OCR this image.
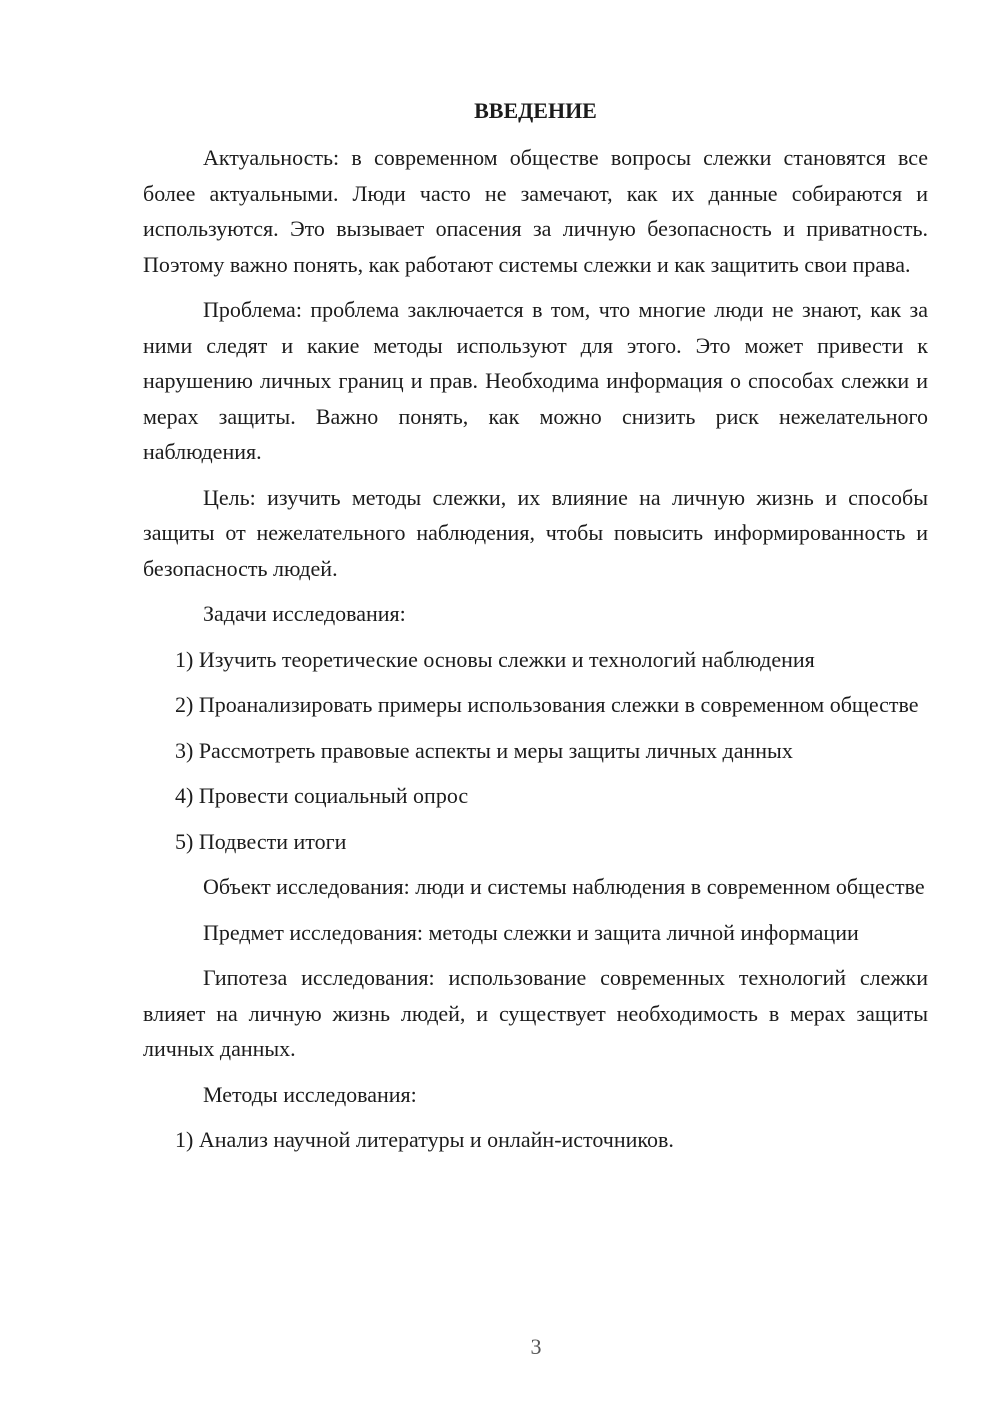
ВВЕДЕНИЕ

Актуальность: в современном обществе вопросы слежки становятся все более актуальными. Люди часто не замечают, как их данные собираются и используются. Это вызывает опасения за личную безопасность и приватность. Поэтому важно понять, как работают системы слежки и как защитить свои права.

Проблема: проблема заключается в том, что многие люди не знают, как за ними следят и какие методы используют для этого. Это может привести к нарушению личных границ и прав. Необходима информация о способах слежки и мерах защиты. Важно понять, как можно снизить риск нежелательного наблюдения.

Цель: изучить методы слежки, их влияние на личную жизнь и способы защиты от нежелательного наблюдения, чтобы повысить информированность и безопасность людей.

Задачи исследования:

1) Изучить теоретические основы слежки и технологий наблюдения

2) Проанализировать примеры использования слежки в современном обществе

3) Рассмотреть правовые аспекты и меры защиты личных данных

4) Провести социальный опрос

5) Подвести итоги

Объект исследования: люди и системы наблюдения в современном обществе

Предмет исследования: методы слежки и защита личной информации

Гипотеза исследования: использование современных технологий слежки влияет на личную жизнь людей, и существует необходимость в мерах защиты личных данных.

Методы исследования:

1) Анализ научной литературы и онлайн-источников.

3
